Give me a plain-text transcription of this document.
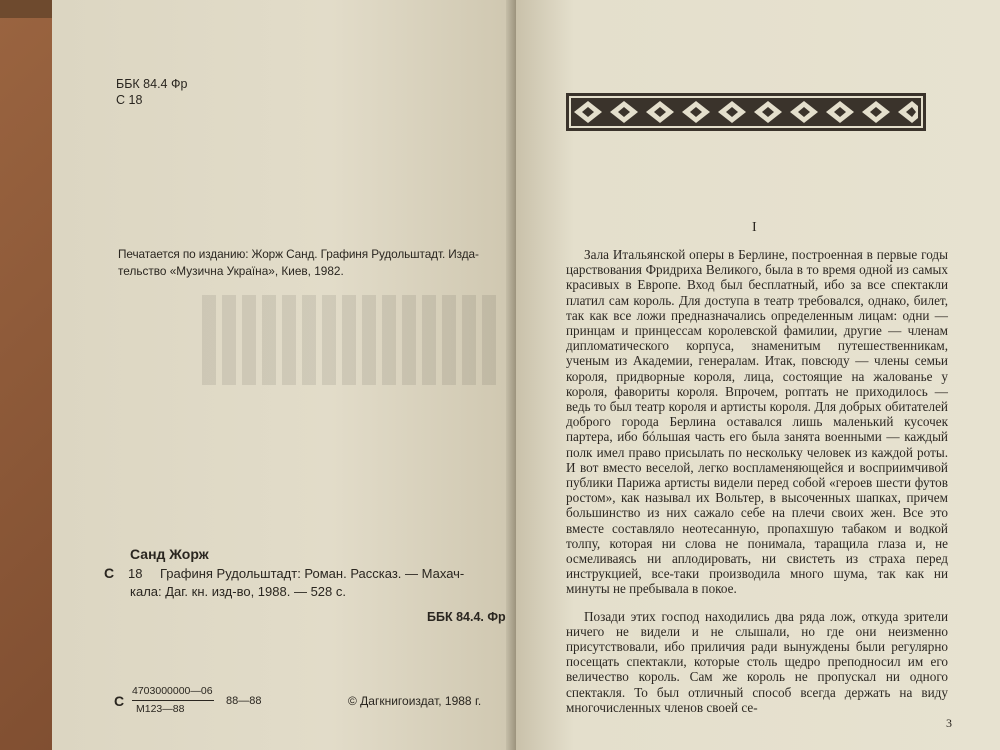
ББК 84.4 Фр
С 18
Печатается по изданию: Жорж Санд. Графиня Рудольштадт. Изда-
тельство «Музична Украïна», Киев, 1982.
Санд Жорж
С 18 Графиня Рудольштадт: Роман. Рассказ. — Махач-
кала: Даг. кн. изд-во, 1988. — 528 с.
ББК 84.4. Фр
С
4703000000—06
М123—88
88—88	© Дагкнигоиздат, 1988 г.
I

Зала Итальянской оперы в Берлине, построенная в первые годы царствования Фридриха Великого, была в то время одной из самых красивых в Европе. Вход был бесплатный, ибо за все спектакли платил сам король. Для доступа в театр требовался, однако, билет, так как все ложи предназначались определенным лицам: одни — принцам и принцессам королевской фамилии, другие — членам дипломатического корпуса, знаменитым путешественникам, ученым из Академии, генералам. Итак, повсюду — члены семьи короля, придворные короля, лица, состоящие на жалованье у короля, фавориты короля. Впрочем, роптать не приходилось — ведь то был театр короля и артисты короля. Для добрых обитателей доброго города Берлина оставался лишь маленький кусочек партера, ибо бóльшая часть его была занята военными — каждый полк имел право присылать по нескольку человек из каждой роты. И вот вместо веселой, легко воспламеняющейся и восприимчивой публики Парижа артисты видели перед собой «героев шести футов ростом», как называл их Вольтер, в высоченных шапках, причем большинство из них сажало себе на плечи своих жен. Все это вместе составляло неотесанную, пропахшую табаком и водкой толпу, которая ни слова не понимала, таращила глаза и, не осмеливаясь ни аплодировать, ни свистеть из страха перед инструкцией, все-таки производила много шума, так как ни минуты не пребывала в покое.

Позади этих господ находились два ряда лож, откуда зрители ничего не видели и не слышали, но где они неизменно присутствовали, ибо приличия ради вынуждены были регулярно посещать спектакли, которые столь щедро преподносил им его величество король. Сам же король не пропускал ни одного спектакля. То был отличный способ всегда держать на виду многочисленных членов своей се-

3
